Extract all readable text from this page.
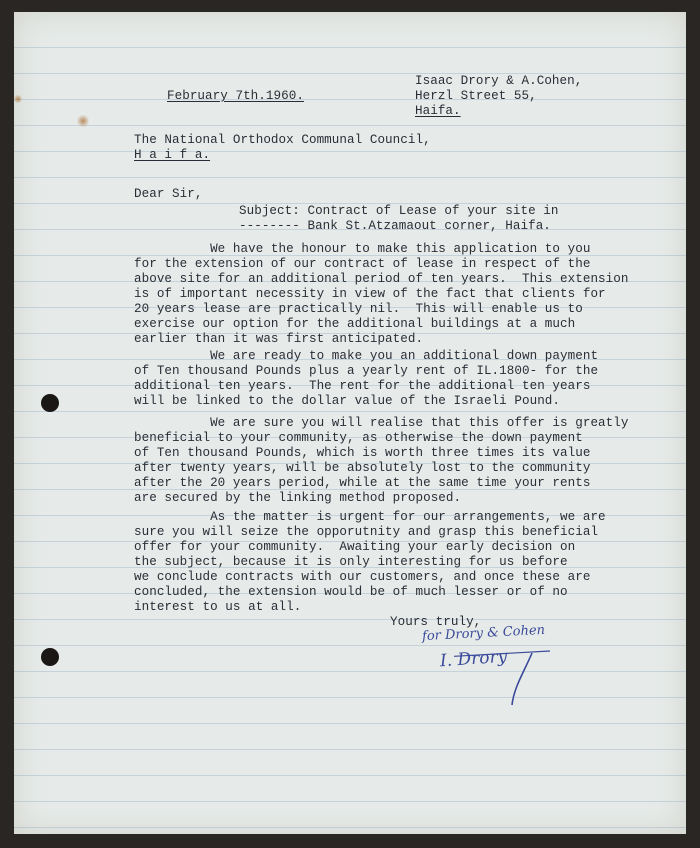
February 7th.1960.

Isaac Drory & A.Cohen,

Herzl Street 55,

Haifa.

The National Orthodox Communal Council,

H a i f a.

Dear Sir,

Subject: Contract of Lease of your site in

-------- Bank St.Atzamaout corner, Haifa.

We have the honour to make this application to you
for the extension of our contract of lease in respect of the
above site for an additional period of ten years.  This extension
is of important necessity in view of the fact that clients for
20 years lease are practically nil.  This will enable us to
exercise our option for the additional buildings at a much
earlier than it was first anticipated.

We are ready to make you an additional down payment
of Ten thousand Pounds plus a yearly rent of IL.1800- for the
additional ten years.  The rent for the additional ten years
will be linked to the dollar value of the Israeli Pound.

We are sure you will realise that this offer is greatly
beneficial to your community, as otherwise the down payment
of Ten thousand Pounds, which is worth three times its value
after twenty years, will be absolutely lost to the community
after the 20 years period, while at the same time your rents
are secured by the linking method proposed.

As the matter is urgent for our arrangements, we are
sure you will seize the opporutnity and grasp this beneficial
offer for your community.  Awaiting your early decision on
the subject, because it is only interesting for us before
we conclude contracts with our customers, and once these are
concluded, the extension would be of much lesser or of no
interest to us at all.

Yours truly,

for Drory & Cohen
I. Drory
